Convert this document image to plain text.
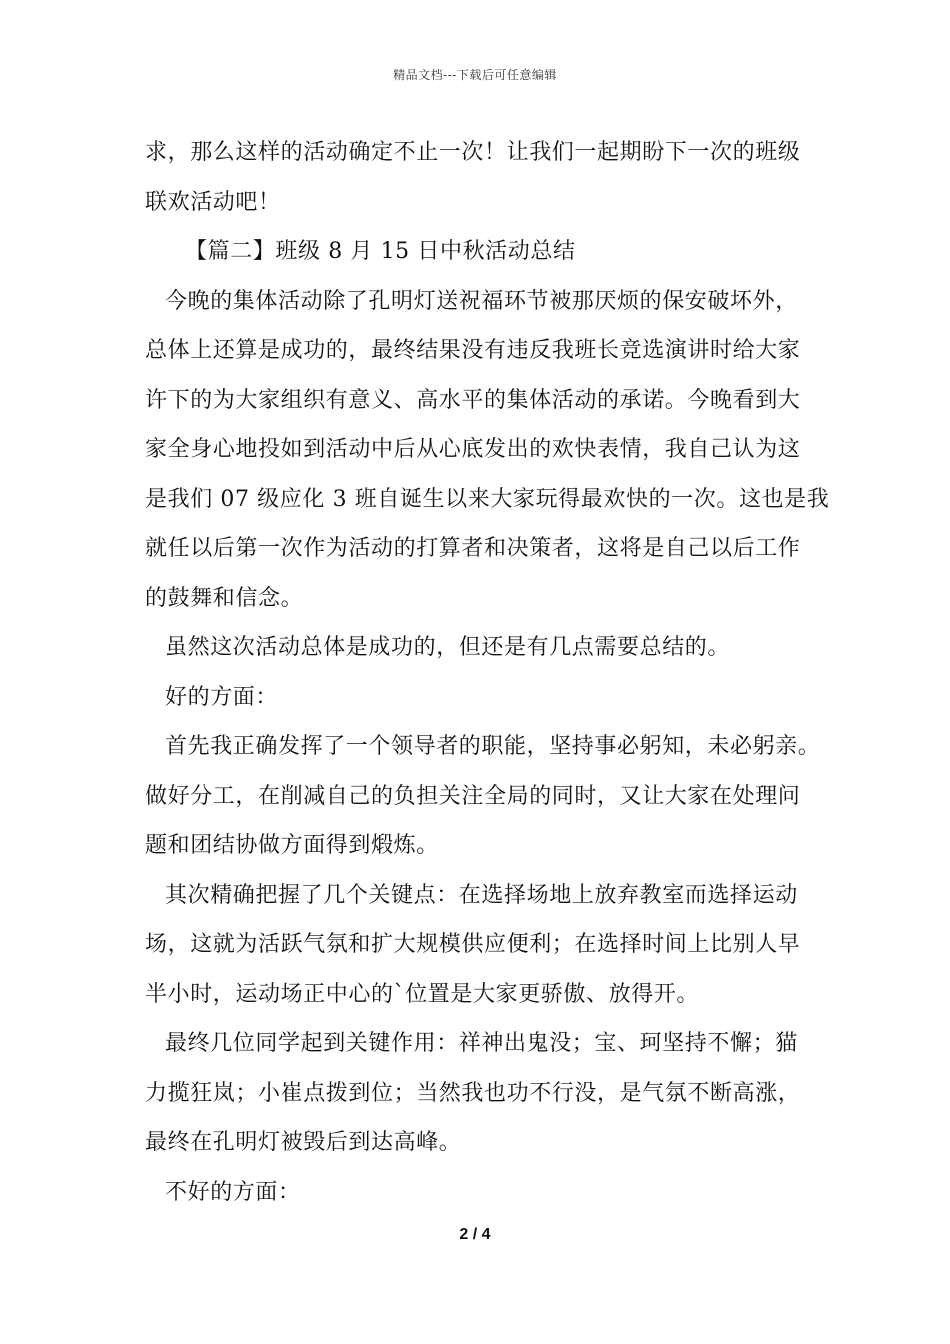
精品文档---下载后可任意编辑
求，那么这样的活动确定不止一次！让我们一起期盼下一次的班级
联欢活动吧！
【篇二】班级 8 月 15 日中秋活动总结
今晚的集体活动除了孔明灯送祝福环节被那厌烦的保安破坏外，
总体上还算是成功的，最终结果没有违反我班长竞选演讲时给大家
许下的为大家组织有意义、高水平的集体活动的承诺。今晚看到大
家全身心地投如到活动中后从心底发出的欢快表情，我自己认为这
是我们 07 级应化 3 班自诞生以来大家玩得最欢快的一次。这也是我
就任以后第一次作为活动的打算者和决策者，这将是自己以后工作
的鼓舞和信念。
虽然这次活动总体是成功的，但还是有几点需要总结的。
好的方面：
首先我正确发挥了一个领导者的职能，坚持事必躬知，未必躬亲。
做好分工，在削减自己的负担关注全局的同时，又让大家在处理问
题和团结协做方面得到煅炼。
其次精确把握了几个关键点：在选择场地上放弃教室而选择运动
场，这就为活跃气氛和扩大规模供应便利；在选择时间上比别人早
半小时，运动场正中心的`位置是大家更骄傲、放得开。
最终几位同学起到关键作用：祥神出鬼没；宝、珂坚持不懈；猫
力揽狂岚；小崔点拨到位；当然我也功不行没，是气氛不断高涨，
最终在孔明灯被毁后到达高峰。
不好的方面：
2 / 4
